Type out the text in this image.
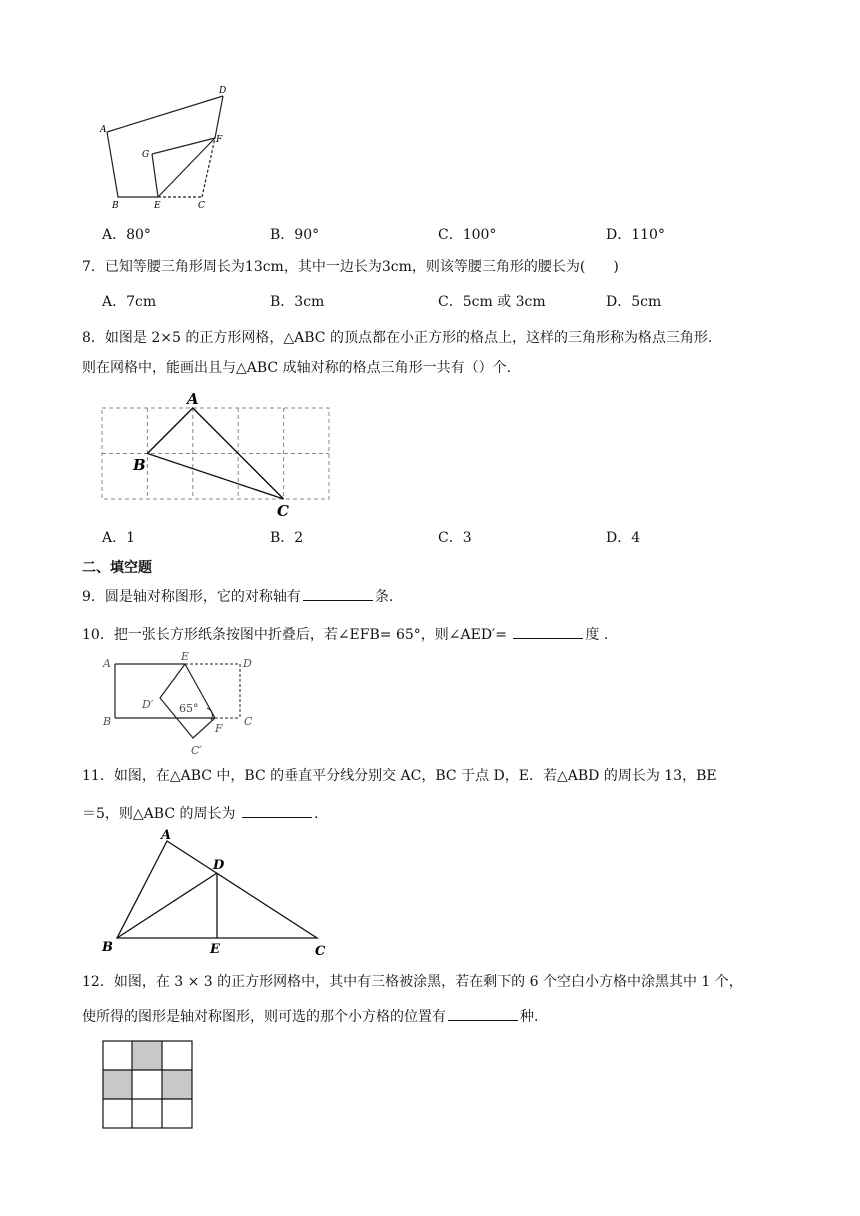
A
B	C
D
E
F
G
A．80°	B．90°	C．100°	D．110°
7．已知等腰三角形周长为13cm，其中一边长为3cm，则该等腰三角形的腰长为(　　)
A．7cm	B．3cm	C．5cm 或 3cm	D．5cm
8．如图是 2×5 的正方形网格，△ABC 的顶点都在小正方形的格点上，这样的三角形称为格点三角形.
则在网格中，能画出且与△ABC 成轴对称的格点三角形一共有（）个.
A
B
C
A．1	B．2	C．3	D．4
二、填空题
9．圆是轴对称图形，它的对称轴有	条.
10．把一张长方形纸条按图中折叠后，若∠EFB= 65°，则∠AED′=	度 .
A
B	C
D
E
F
D′
C′
65°
11．如图，在△ABC 中，BC 的垂直平分线分别交 AC，BC 于点 D，E．若△ABD 的周长为 13，BE
＝5，则△ABC 的周长为	.
A
B	C
D
E
12．如图，在 3 × 3 的正方形网格中，其中有三格被涂黑，若在剩下的 6 个空白小方格中涂黑其中 1 个，
使所得的图形是轴对称图形，则可选的那个小方格的位置有	种.
